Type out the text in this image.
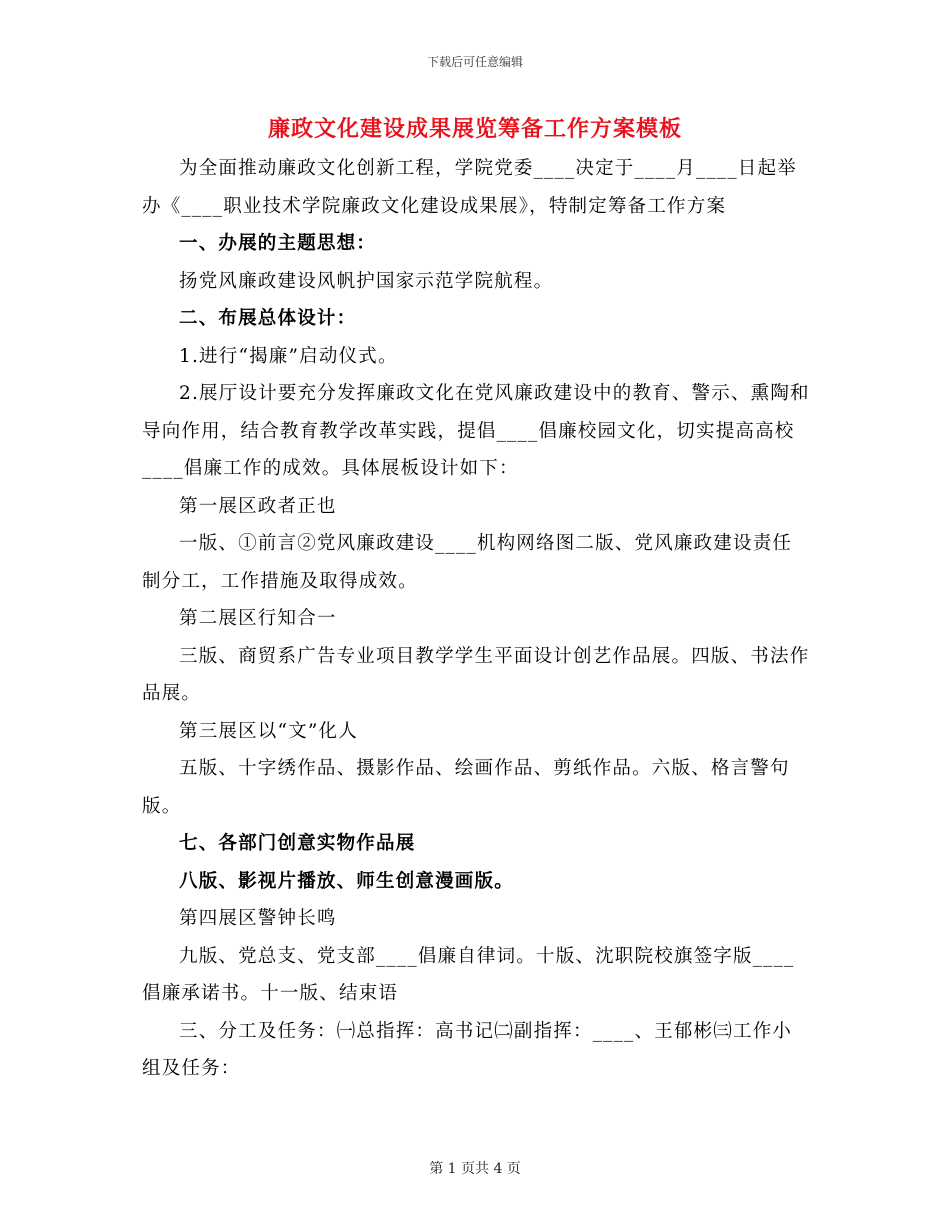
下载后可任意编辑
廉政文化建设成果展览筹备工作方案模板

为全面推动廉政文化创新工程，学院党委____决定于____月____日起举办《____职业技术学院廉政文化建设成果展》，特制定筹备工作方案

一、办展的主题思想：

扬党风廉政建设风帆护国家示范学院航程。

二、布展总体设计：

1.进行“揭廉”启动仪式。

2.展厅设计要充分发挥廉政文化在党风廉政建设中的教育、警示、熏陶和导向作用，结合教育教学改革实践，提倡____倡廉校园文化，切实提高高校____倡廉工作的成效。具体展板设计如下：

第一展区政者正也

一版、①前言②党风廉政建设____机构网络图二版、党风廉政建设责任制分工，工作措施及取得成效。

第二展区行知合一

三版、商贸系广告专业项目教学学生平面设计创艺作品展。四版、书法作品展。

第三展区以“文”化人

五版、十字绣作品、摄影作品、绘画作品、剪纸作品。六版、格言警句版。

七、各部门创意实物作品展

八版、影视片播放、师生创意漫画版。

第四展区警钟长鸣

九版、党总支、党支部____倡廉自律词。十版、沈职院校旗签字版____倡廉承诺书。十一版、结束语

三、分工及任务：㈠总指挥：高书记㈡副指挥：____、王郁彬㈢工作小组及任务：

第 1 页共 4 页
